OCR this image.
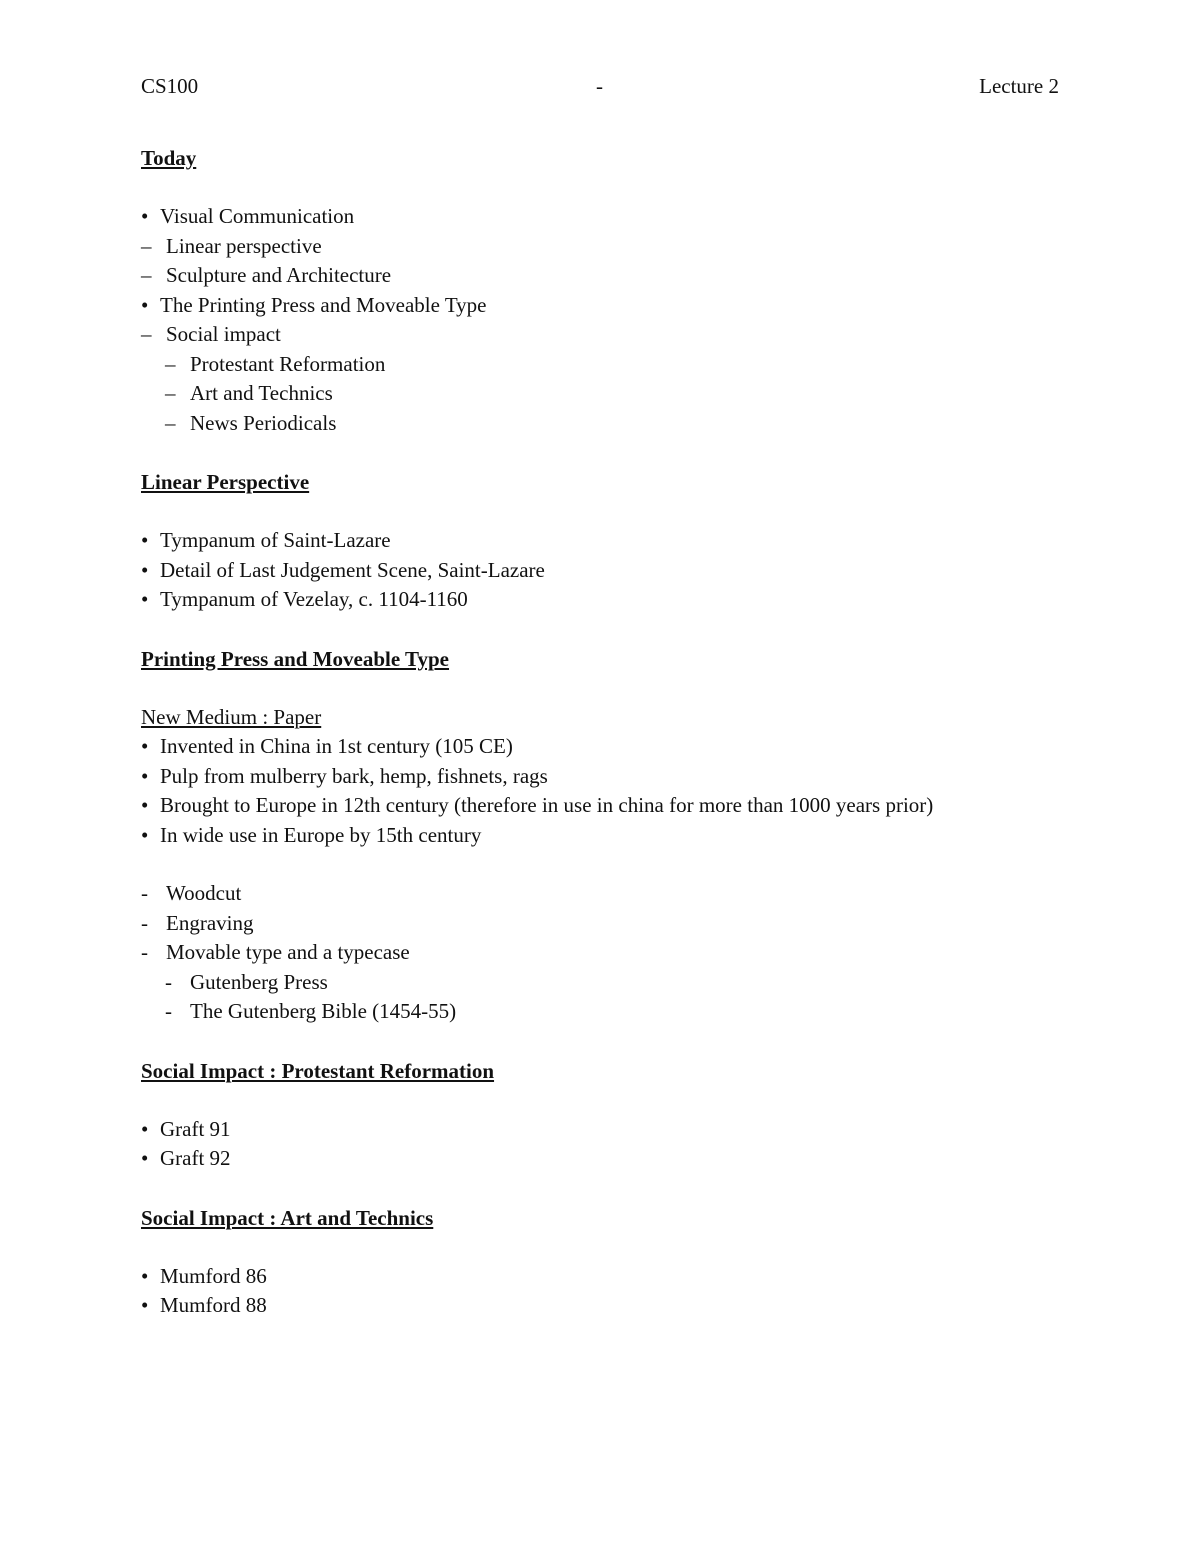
CS100	-	Lecture 2
Today
• Visual Communication
– Linear perspective
– Sculpture and Architecture
• The Printing Press and Moveable Type
– Social impact
– Protestant Reformation
– Art and Technics
– News Periodicals
Linear Perspective
• Tympanum of Saint-Lazare
• Detail of Last Judgement Scene, Saint-Lazare
• Tympanum of Vezelay, c. 1104-1160
Printing Press and Moveable Type
New Medium : Paper
• Invented in China in 1st century (105 CE)
• Pulp from mulberry bark, hemp, fishnets, rags
• Brought to Europe in 12th century (therefore in use in china for more than 1000 years prior)
• In wide use in Europe by 15th century
- Woodcut
- Engraving
- Movable type and a typecase
- Gutenberg Press
- The Gutenberg Bible (1454-55)
Social Impact : Protestant Reformation
• Graft 91
• Graft 92
Social Impact : Art and Technics
• Mumford 86
• Mumford 88
